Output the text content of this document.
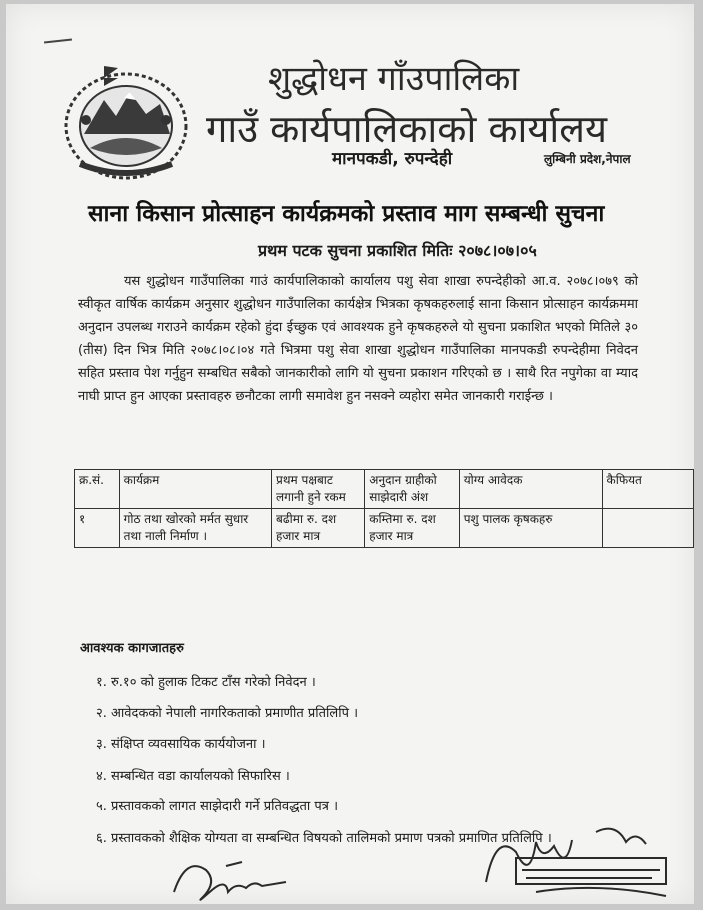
शुद्धोधन गाँउपालिका
गाउँ कार्यपालिकाको कार्यालय
मानपकडी, रुपन्देही	लुम्बिनी प्रदेश,नेपाल
साना किसान प्रोत्साहन कार्यक्रमको प्रस्ताव माग सम्बन्धी सुचना
प्रथम पटक सुचना प्रकाशित मितिः २०७८।०७।०५
यस शुद्धोधन गाउँपालिका गाउं कार्यपालिकाको कार्यालय पशु सेवा शाखा रुपन्देहीको आ.व. २०७८।०७९ को स्वीकृत वार्षिक कार्यक्रम अनुसार शुद्धोधन गाउँपालिका कार्यक्षेत्र भित्रका कृषकहरुलाई साना किसान प्रोत्साहन कार्यक्रममा अनुदान उपलब्ध गराउने कार्यक्रम रहेको हुंदा ईच्छुक एवं आवश्यक हुने कृषकहरुले यो सुचना प्रकाशित भएको मितिले ३० (तीस) दिन भित्र मिति २०७८।०८।०४ गते भित्रमा पशु सेवा शाखा शुद्धोधन गाउँपालिका मानपकडी रुपन्देहीमा निवेदन सहित प्रस्ताव पेश गर्नुहुन सम्बधित सबैको जानकारीको लागि यो सुचना प्रकाशन गरिएको छ । साथै रित नपुगेका वा म्याद नाघी प्राप्त हुन आएका प्रस्तावहरु छनौटका लागी समावेश हुन नसक्ने व्यहोरा समेत जानकारी गराईन्छ ।
क्र.सं.	कार्यक्रम	प्रथम पक्षबाट लगानी हुने रकम	अनुदान ग्राहीको साझेदारी अंश	योग्य आवेदक	कैफियत
१	गोठ तथा खोरको मर्मत सुधार तथा नाली निर्माण ।	बढीमा रु. दश हजार मात्र	कम्तिमा रु. दश हजार मात्र	पशु पालक कृषकहरु	
आवश्यक कागजातहरु
१. रु.१० को हुलाक टिकट टाँस गरेको निवेदन ।
२. आवेदकको नेपाली नागरिकताको प्रमाणीत प्रतिलिपि ।
३. संक्षिप्त व्यवसायिक कार्ययोजना ।
४. सम्बन्धित वडा कार्यालयको सिफारिस ।
५. प्रस्तावकको लागत साझेदारी गर्ने प्रतिवद्धता पत्र ।
६. प्रस्तावकको शैक्षिक योग्यता वा सम्बन्धित विषयको तालिमको प्रमाण पत्रको प्रमाणित प्रतिलिपि ।
